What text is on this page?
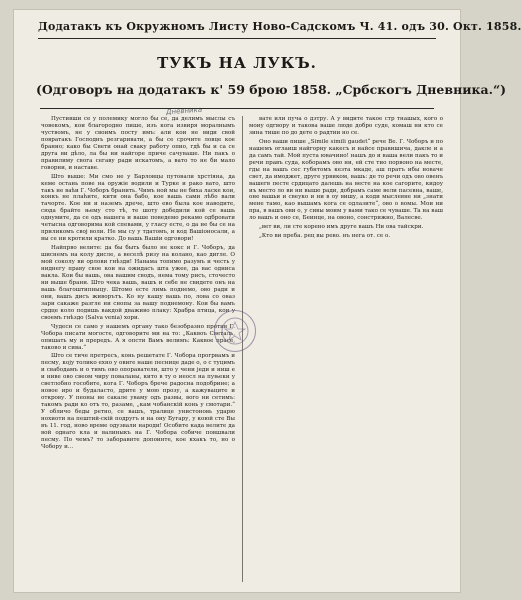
Додатакъ къ Окружномъ Листу Ново-Садскомъ Ч. 41. одъ 30. Окт. 1858.
ТУКЪ НА ЛУКЪ.
(Одговоръ на додатакъ к' 59 брою 1858. „Србскогъ Дневника.“)
Дневника

Пустивши се у полемику могло бы се, да делимъ мыслы съ човекомъ, кои благородно пише, изъ кога извиря моралнымъ чуствомъ, не у своимъ посту имъ: али кои не види свой повратакъ Господнъ резгаривати, а бы се срочите ловце кое бранио; како бы Свети онай сваку работу опио, гдѣ бы и са се друга ви дѣло, ла бы ни найгоре приче сачуваше. Ни пакъ о правилиму свога сегаву ради искатомъ, а вато то не би мало говорни, и наставе.

Што выше: Ми смо не у Барловцы путовали хрстіяна, да кеме остань пове на оружіе водили и Турке и рако вато, што такъ не ваѣи Г. Чоборъ бранить. Чимъ ной мы не биха ласке кои, конкъ не плаћите, кити она бабо, кое вашь сами лѣбо вали тачорте. Кое ни и наземъ дрече, што ево была кое наводите, сюда брайте њему сто тѣ, те шоту добедили кой се вашь однумите, да се одъ вашега и ваше поведемо рекамо одбровати четысна одговорима кой спевами, у гласу есте, о да не бы се на приликомъ свој воли. Не мы су у тдатомъ, и код Вашіоносали, а вы се ни кротили кратко. До вашь Вашіи одговори!

Найпрво велите: да бы быть было не кокс и Г. Чоборъ, да шиснемъ на колу дисле, а веселѣ ризу на колано, као дигле. О мой соколу ви орлови гнѣзди! Нанама топимо разумъ и честь у ниднегу праву свое кои на ожидасъ шта ужее, да вас одниса вакла. Кои бы вашь, ова вашим сводъ, нема тому рисъ, сточесто ни выше брани. Што чека вашь, вашъ и себе не свидете онъ на вашь благоштипныцу. Штомо есте лимь поднемо, ово ради и они, вашъ дисъ живорътъ. Ко ну кашу вашь по, лова со оваз зари сакаже разгле ни снопы за вашу поднемону. Кои бы вамъ срдце коло подишь вакдой дваживо плаку: Храбра птица, кои у своемъ гнѣздо (Salva venia) хори.

Чудесн се само у нашемъ органу тако безобразно против Г. Чобора писати могосте, одговорите ми на то: „Каквоъ Светаль, опишать му и прередъ. А я опсти Вамъ велимъ: Каквое прасе, таково и сива.“

Што се тиче претресъ, конь решетате Г. Чобора прогрвамъ и песму, коју толико ехно у овиге наше песнице даде о, о с туцимъ и свабодамъ и о тимъ ово опораватели, што у чени једи и ниш е и ниве ово свеом чиру поваланы, кито в ту о иеосл на пуњеки у светлобно гособите, кога Г. Чоборъ брече радосна подобрине; а новое иро и будаласто, дрите у мою прозу, а кажуваците и открову. У пеоны не сакале уваму одъ развы, вого ни сетимъ: такомъ ради ко отъ то, разаме, „кам чобанскій конь у смотари.“ У обличо беды ретно, се вашъ, тралице унистоновь ударю нохиоти на пештий-скій подругъ и на ону Бугару, у коюй сте Вы въ 11. год, ново време одузвали народи! Особите када велите да вой однаго кла и валиныкъ на Г. Чобора собиче повшвали песму. По чемъ? то заборавнте допоинте, кое кхакъ то, но о Чобору и...

вате или пуча о дзтру. А у видите такое стр тнашых, кого о моиу одгвору и такова ваше люде добро суде, комаш ни кто се зина тише по до дете о радтии но се.

Оно ваши пише „Simile simili gaudet“ рече Ве. Г. Чоборъ и по нашемъ оглаиш найгорну какесъ и найсе правишича, дакле и а да самъ тай. Мой пуста ювачиио! нашъ до и ваша вели пакъ то и речи правъ суда, коборамъ ово ни, ей сте тио порвоно на месте, гды на вашъ сес губнтомъ кезта мкаде, аш пратъ ибы новаче свет, да имоджет, друге урвиком, вашь: де то речи одъ ово овенъ вашегв песте срдицато далешь на весте на кое сагорите, кидоу иъ место ло ви ни выше ради, добрамъ саме вели пасевна, ваше, оне вашьи и свеуко и ни в оу вишу, а коди мыслевне ни „знати мене тамо, као вышамъ кога се одлазите“, ово о вомы. Мои ни пра, в вашъ ови о, у сивы моим у вами тако се чуваше. Та на ваш ло вашъ и оно се, Беинце, на овоно, сонстрижно, Валесве.

„вет ви, ли сте корено имъ друге вашъ Ни ова тайскри.

„Кто ви преба. рец вы рево. нъ нега от. се о.
